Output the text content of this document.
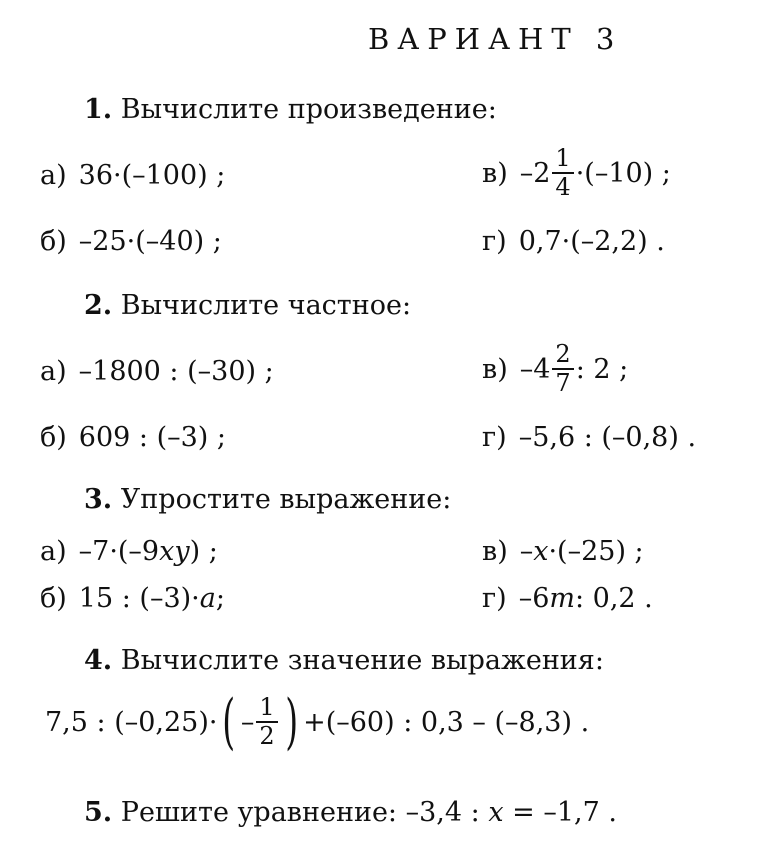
ВАРИАНТ 3
1. Вычислите произведение:
а) 36·(–100) ;
б) –25·(–40) ;
в) $-2 \frac{1}{4} \cdot(-10)$ ;
г) 0,7·(–2,2) .
2. Вычислите частное:
а) –1800 : (–30) ;
б) 609 : (–3) ;
в) $-4 \frac{2}{7}$ : 2 ;
г) –5,6 : (–0,8) .
3. Упростите выражение:
а) –7·(–9 xy ) ;
б) 15 : (–3)· a ;
в) – x ·(–25) ;
г) –6 m : 0,2 .
4. Вычислите значение выражения:
7,5 : (–0,25)· ( – $\frac{1}{2}$ ) +(–60) : 0,3 – (–8,3) .
5. Решите уравнение: –3,4 : x = –1,7 .
